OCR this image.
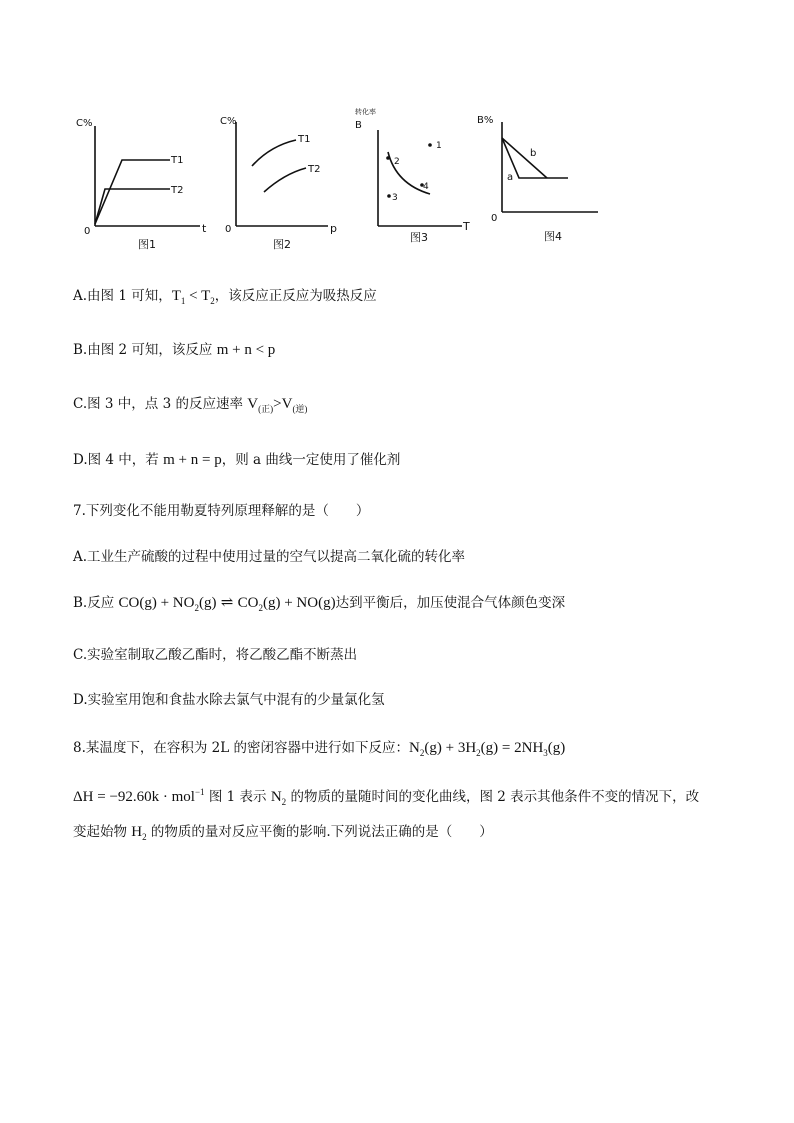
C%
0	t
T1
T2
图1
C%
0	p
T1
T2
图2
转化率
B
T
1
2
3
4
图3
B%
0
a
b
图4
A.由图 1 可知，$T_1 < T_2$，该反应正反应为吸热反应
B.由图 2 可知，该反应 m + n < p
C.图 3 中，点 3 的反应速率 $V_{(正)}>V_{(逆)}$
D.图 4 中，若 m + n = p，则 a 曲线一定使用了催化剂
7.下列变化不能用勒夏特列原理释解的是（　　）
A.工业生产硫酸的过程中使用过量的空气以提高二氧化硫的转化率
B.反应 $CO(g) + NO_2(g)$ ⇌ $CO_2(g) + NO(g)$达到平衡后，加压使混合气体颜色变深
C.实验室制取乙酸乙酯时，将乙酸乙酯不断蒸出
D.实验室用饱和食盐水除去氯气中混有的少量氯化氢
8.某温度下，在容积为 2L 的密闭容器中进行如下反应：$N_2(g) + 3H_2(g) = 2NH_3(g)$
ΔH = −92.60k · mol$^{-1}$ 图 1 表示 $N_2$ 的物质的量随时间的变化曲线，图 2 表示其他条件不变的情况下，改
变起始物 $H_2$ 的物质的量对反应平衡的影响.下列说法正确的是（　　）
